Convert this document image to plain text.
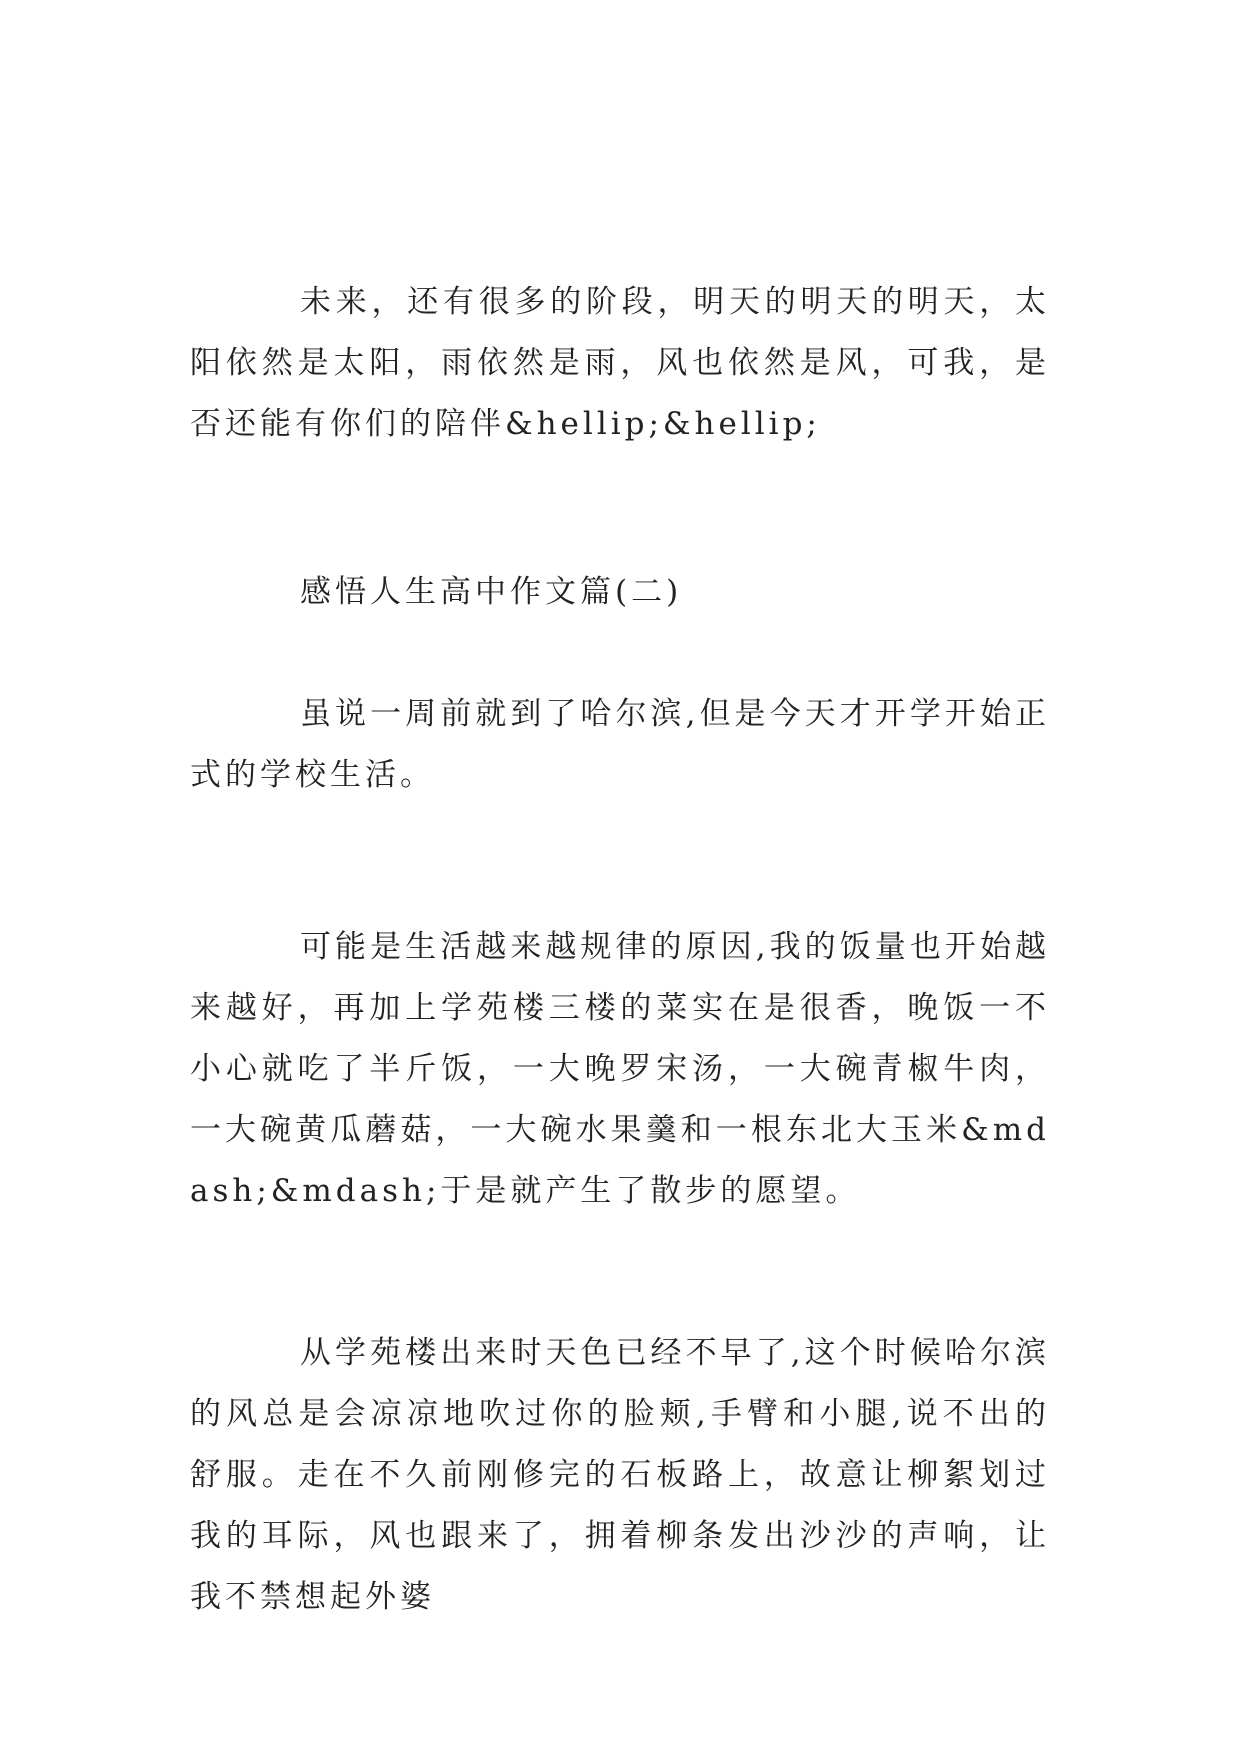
未来，还有很多的阶段，明天的明天的明天，太阳依然是太阳，雨依然是雨，风也依然是风，可我，是否还能有你们的陪伴&hellip;&hellip;

感悟人生高中作文篇(二)

虽说一周前就到了哈尔滨,但是今天才开学开始正式的学校生活。

可能是生活越来越规律的原因,我的饭量也开始越来越好，再加上学苑楼三楼的菜实在是很香，晚饭一不小心就吃了半斤饭，一大晚罗宋汤，一大碗青椒牛肉，一大碗黄瓜蘑菇，一大碗水果羹和一根东北大玉米&mdash;&mdash;于是就产生了散步的愿望。

从学苑楼出来时天色已经不早了,这个时候哈尔滨的风总是会凉凉地吹过你的脸颊,手臂和小腿,说不出的舒服。走在不久前刚修完的石板路上，故意让柳絮划过我的耳际，风也跟来了，拥着柳条发出沙沙的声响，让我不禁想起外婆
